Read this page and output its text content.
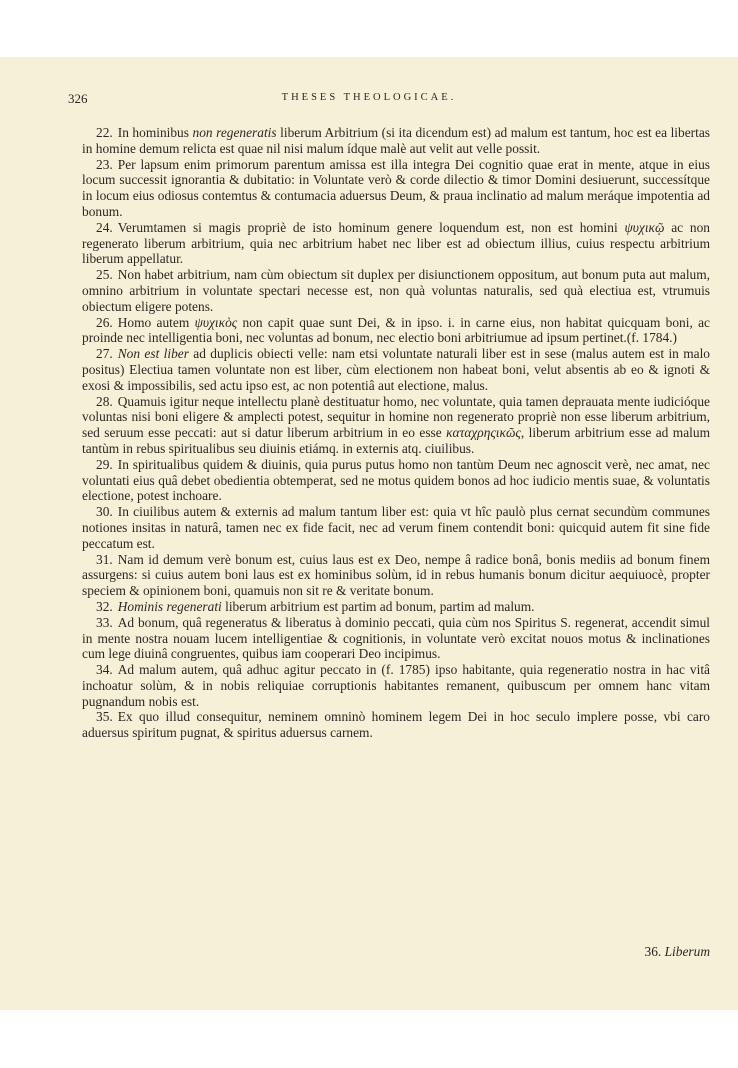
326	THESES THEOLOGICAE.

22. In hominibus non regeneratis liberum Arbitrium (si ita dicendum est) ad malum est tantum, hoc est ea libertas in homine demum relicta est quae nil nisi malum ídque malè aut velit aut velle possit.

23. Per lapsum enim primorum parentum amissa est illa integra Dei cognitio quae erat in mente, atque in eius locum successit ignorantia & dubitatio: in Voluntate verò & corde dilectio & timor Domini desiuerunt, successítque in locum eius odiosus contemtus & contumacia aduersus Deum, & praua inclinatio ad malum meráque impotentia ad bonum.

24. Verumtamen si magis propriè de isto hominum genere loquendum est, non est homini ψυχικῷ ac non regenerato liberum arbitrium, quia nec arbitrium habet nec liber est ad obiectum illius, cuius respectu arbitrium liberum appellatur.

25. Non habet arbitrium, nam cùm obiectum sit duplex per disiunctionem oppositum, aut bonum puta aut malum, omnino arbitrium in voluntate spectari necesse est, non quà voluntas naturalis, sed quà electiua est, vtrumuis obiectum eligere potens.

26. Homo autem ψυχικὸς non capit quae sunt Dei, & in ipso. i. in carne eius, non habitat quicquam boni, ac proinde nec intelligentia boni, nec voluntas ad bonum, nec electio boni arbitriumue ad ipsum pertinet.(f. 1784.)

27. Non est liber ad duplicis obiecti velle: nam etsi voluntate naturali liber est in sese (malus autem est in malo positus) Electiua tamen voluntate non est liber, cùm electionem non habeat boni, velut absentis ab eo & ignoti & exosi & impossibilis, sed actu ipso est, ac non potentiâ aut electione, malus.

28. Quamuis igitur neque intellectu planè destituatur homo, nec voluntate, quia tamen deprauata mente iudicióque voluntas nisi boni eligere & amplecti potest, sequitur in homine non regenerato propriè non esse liberum arbitrium, sed seruum esse peccati: aut si datur liberum arbitrium in eo esse καταχρηςικῶς, liberum arbitrium esse ad malum tantùm in rebus spiritualibus seu diuinis etiámq. in externis atq. ciuilibus.

29. In spiritualibus quidem & diuinis, quia purus putus homo non tantùm Deum nec agnoscit verè, nec amat, nec voluntati eius quâ debet obedientia obtemperat, sed ne motus quidem bonos ad hoc iudicio mentis suae, & voluntatis electione, potest inchoare.

30. In ciuilibus autem & externis ad malum tantum liber est: quia vt hîc paulò plus cernat secundùm communes notiones insitas in naturâ, tamen nec ex fide facit, nec ad verum finem contendit boni: quicquid autem fit sine fide peccatum est.

31. Nam id demum verè bonum est, cuius laus est ex Deo, nempe â radice bonâ, bonis mediis ad bonum finem assurgens: si cuius autem boni laus est ex hominibus solùm, id in rebus humanis bonum dicitur aequiuocè, propter speciem & opinionem boni, quamuis non sit re & veritate bonum.

32. Hominis regenerati liberum arbitrium est partim ad bonum, partim ad malum.

33. Ad bonum, quâ regeneratus & liberatus à dominio peccati, quia cùm nos Spiritus S. regenerat, accendit simul in mente nostra nouam lucem intelligentiae & cognitionis, in voluntate verò excitat nouos motus & inclinationes cum lege diuinâ congruentes, quibus iam cooperari Deo incipimus.

34. Ad malum autem, quâ adhuc agitur peccato in (f. 1785) ipso habitante, quia regeneratio nostra in hac vitâ inchoatur solùm, & in nobis reliquiae corruptionis habitantes remanent, quibuscum per omnem hanc vitam pugnandum nobis est.

35. Ex quo illud consequitur, neminem omninò hominem legem Dei in hoc seculo implere posse, vbi caro aduersus spiritum pugnat, & spiritus aduersus carnem.

36. Liberum
